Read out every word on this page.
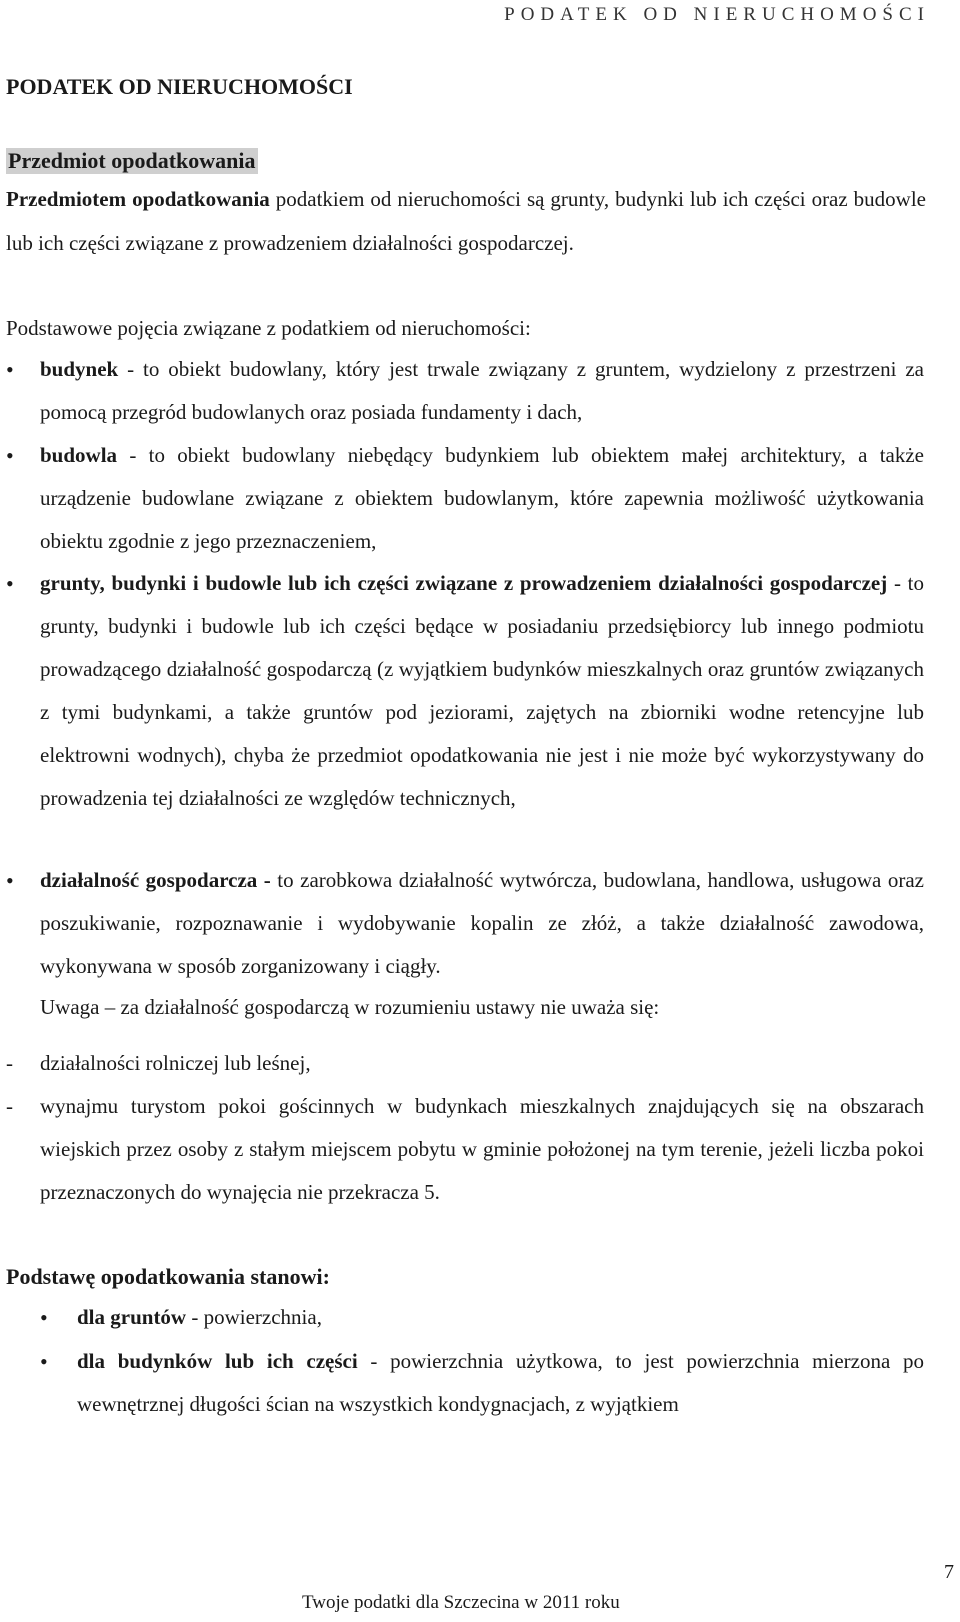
PODATEK OD NIERUCHOMOŚCI
PODATEK OD NIERUCHOMOŚCI
Przedmiot opodatkowania

Przedmiotem opodatkowania podatkiem od nieruchomości są grunty, budynki lub ich części oraz budowle lub ich części związane z prowadzeniem działalności gospodarczej.

Podstawowe pojęcia związane z podatkiem od nieruchomości:

• budynek - to obiekt budowlany, który jest trwale związany z gruntem, wydzielony z przestrzeni za pomocą przegród budowlanych oraz posiada fundamenty i dach,

• budowla - to obiekt budowlany niebędący budynkiem lub obiektem małej architektury, a także urządzenie budowlane związane z obiektem budowlanym, które zapewnia możliwość użytkowania obiektu zgodnie z jego przeznaczeniem,

• grunty, budynki i budowle lub ich części związane z prowadzeniem działalności gospodarczej - to grunty, budynki i budowle lub ich części będące w posiadaniu przedsiębiorcy lub innego podmiotu prowadzącego działalność gospodarczą (z wyjątkiem budynków mieszkalnych oraz gruntów związanych z tymi budynkami, a także gruntów pod jeziorami, zajętych na zbiorniki wodne retencyjne lub elektrowni wodnych), chyba że przedmiot opodatkowania nie jest i nie może być wykorzystywany do prowadzenia tej działalności ze względów technicznych,

• działalność gospodarcza - to zarobkowa działalność wytwórcza, budowlana, handlowa, usługowa oraz poszukiwanie, rozpoznawanie i wydobywanie kopalin ze złóż, a także działalność zawodowa, wykonywana w sposób zorganizowany i ciągły.

Uwaga – za działalność gospodarczą w rozumieniu ustawy nie uważa się:

- działalności rolniczej lub leśnej,

- wynajmu turystom pokoi gościnnych w budynkach mieszkalnych znajdujących się na obszarach wiejskich przez osoby z stałym miejscem pobytu w gminie położonej na tym terenie, jeżeli liczba pokoi przeznaczonych do wynajęcia nie przekracza 5.

Podstawę opodatkowania stanowi:
• dla gruntów - powierzchnia,

• dla budynków lub ich części - powierzchnia użytkowa, to jest powierzchnia mierzona po wewnętrznej długości ścian na wszystkich kondygnacjach, z wyjątkiem

7
Twoje podatki dla Szczecina w 2011 roku
